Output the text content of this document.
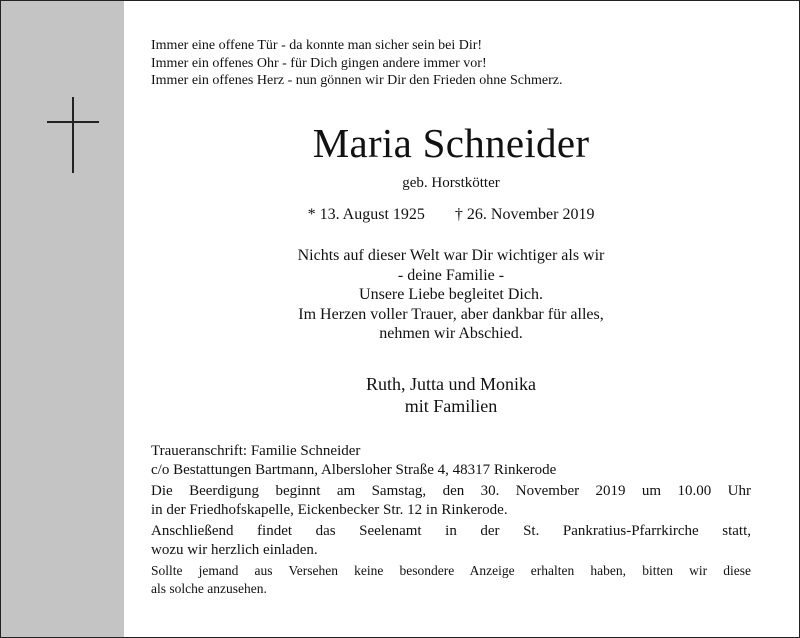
Immer eine offene Tür - da konnte man sicher sein bei Dir!
Immer ein offenes Ohr - für Dich gingen andere immer vor!
Immer ein offenes Herz - nun gönnen wir Dir den Frieden ohne Schmerz.
Maria Schneider
geb. Horstkötter
* 13. August 1925 † 26. November 2019
Nichts auf dieser Welt war Dir wichtiger als wir
- deine Familie -
Unsere Liebe begleitet Dich.
Im Herzen voller Trauer, aber dankbar für alles,
nehmen wir Abschied.
Ruth, Jutta und Monika
mit Familien
Traueranschrift: Familie Schneider
c/o Bestattungen Bartmann, Albersloher Straße 4, 48317 Rinkerode
Die Beerdigung beginnt am Samstag, den 30. November 2019 um 10.00 Uhr
in der Friedhofskapelle, Eickenbecker Str. 12 in Rinkerode.
Anschließend findet das Seelenamt in der St. Pankratius-Pfarrkirche statt,
wozu wir herzlich einladen.
Sollte jemand aus Versehen keine besondere Anzeige erhalten haben, bitten wir diese
als solche anzusehen.
